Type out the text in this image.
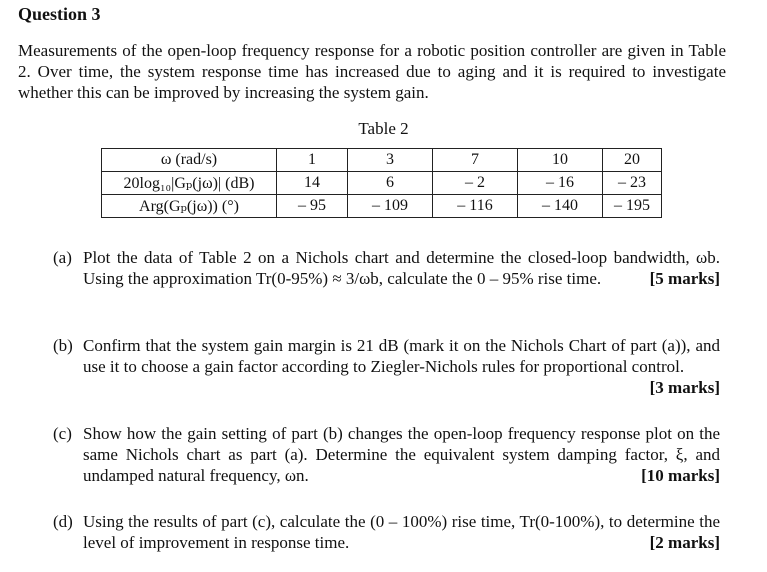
Question 3

Measurements of the open-loop frequency response for a robotic position controller are given in Table 2. Over time, the system response time has increased due to aging and it is required to investigate whether this can be improved by increasing the system gain.

Table 2
ω (rad/s)	1	3	7	10	20
20log₁₀|Gₚ(jω)| (dB)	14	6	– 2	– 16	– 23
Arg(Gₚ(jω)) (°)	– 95	– 109	– 116	– 140	– 195
(a) Plot the data of Table 2 on a Nichols chart and determine the closed-loop bandwidth, ωb. Using the approximation Tr(0-95%) ≈ 3/ωb, calculate the 0 – 95% rise time.	[5 marks]
(b) Confirm that the system gain margin is 21 dB (mark it on the Nichols Chart of part (a)), and use it to choose a gain factor according to Ziegler-Nichols rules for proportional control.
[3 marks]
(c) Show how the gain setting of part (b) changes the open-loop frequency response plot on the same Nichols chart as part (a). Determine the equivalent system damping factor, ξ, and undamped natural frequency, ωn.	[10 marks]
(d) Using the results of part (c), calculate the (0 – 100%) rise time, Tr(0-100%), to determine the level of improvement in response time.	[2 marks]
